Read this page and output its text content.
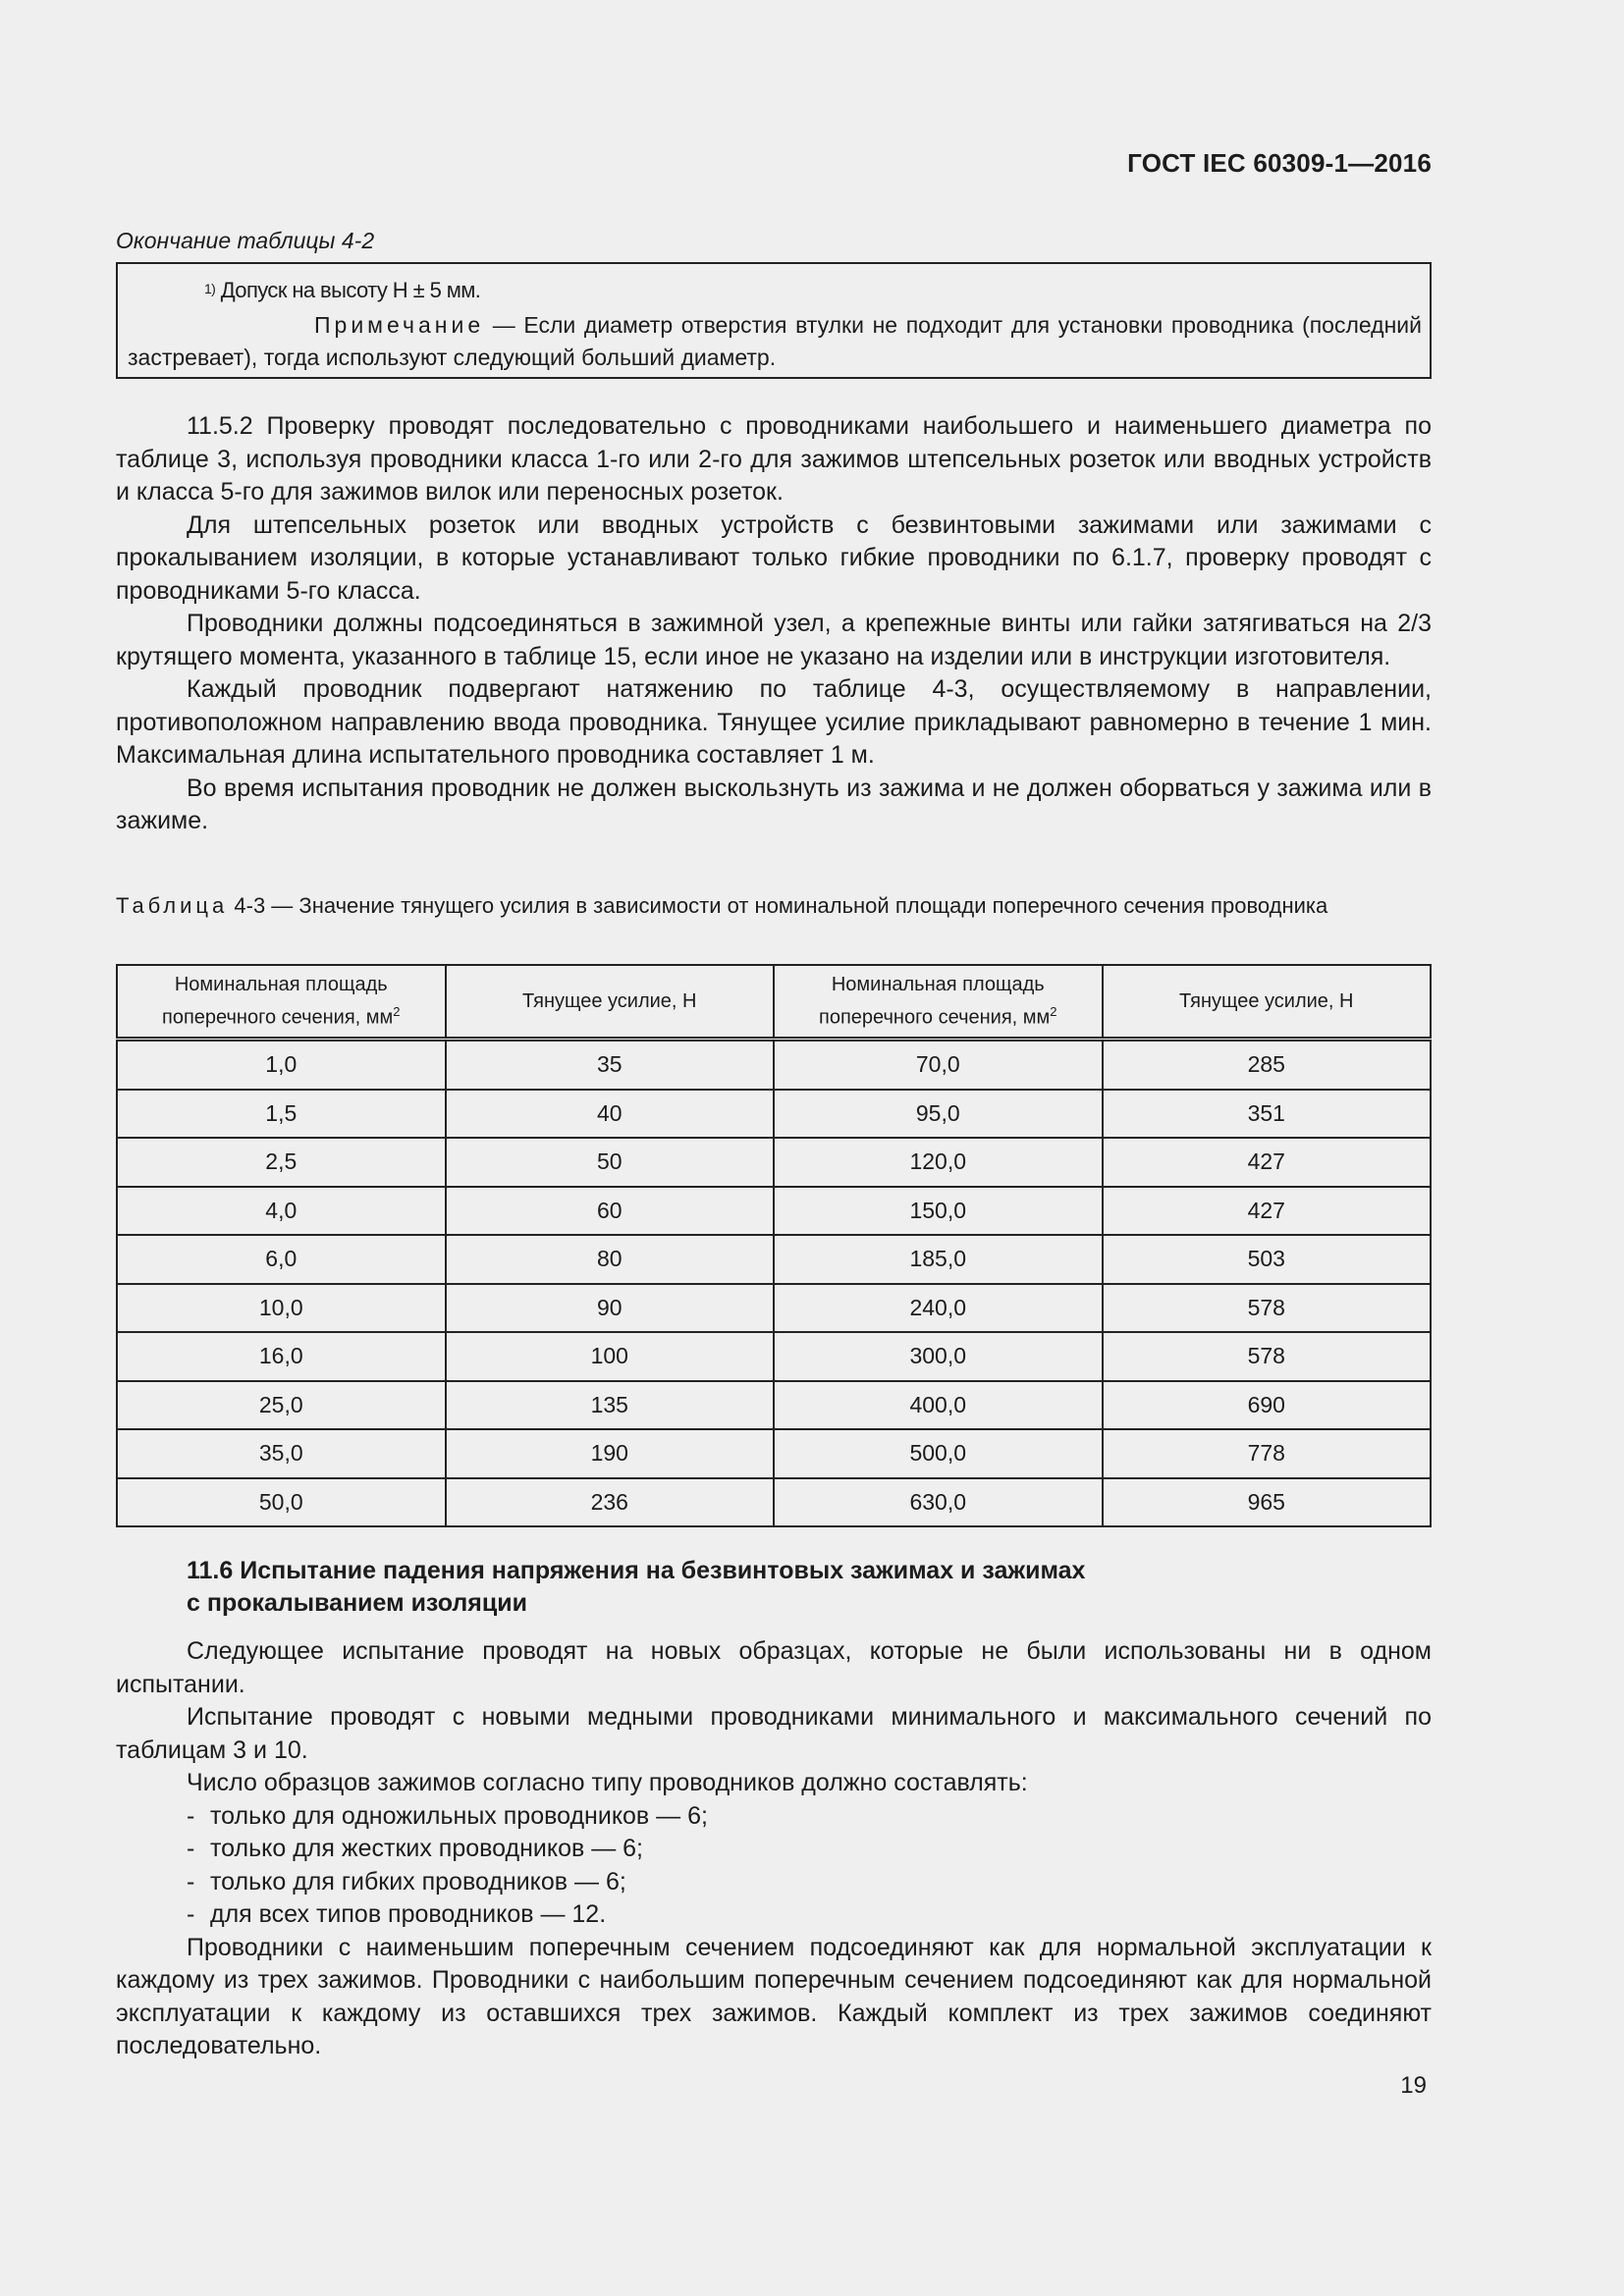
ГОСТ IEC 60309-1—2016
Окончание таблицы 4-2
$^{1)}$ Допуск на высоту H ± 5 мм.
Примечание — Если диаметр отверстия втулки не подходит для установки проводника (последний застревает), тогда используют следующий больший диаметр.

11.5.2 Проверку проводят последовательно с проводниками наибольшего и наименьшего диаметра по таблице 3, используя проводники класса 1-го или 2-го для зажимов штепсельных розеток или вводных устройств и класса 5-го для зажимов вилок или переносных розеток.

Для штепсельных розеток или вводных устройств с безвинтовыми зажимами или зажимами с прокалыванием изоляции, в которые устанавливают только гибкие проводники по 6.1.7, проверку проводят с проводниками 5-го класса.

Проводники должны подсоединяться в зажимной узел, а крепежные винты или гайки затягиваться на 2/3 крутящего момента, указанного в таблице 15, если иное не указано на изделии или в инструкции изготовителя.

Каждый проводник подвергают натяжению по таблице 4-3, осуществляемому в направлении, противоположном направлению ввода проводника. Тянущее усилие прикладывают равномерно в течение 1 мин. Максимальная длина испытательного проводника составляет 1 м.

Во время испытания проводник не должен выскользнуть из зажима и не должен оборваться у зажима или в зажиме.

Таблица 4-3 — Значение тянущего усилия в зависимости от номинальной площади поперечного сечения проводника
Номинальная площадь поперечного сечения, $мм^2$	Тянущее усилие, Н	Номинальная площадь поперечного сечения, $мм^2$	Тянущее усилие, Н
1,0	35	70,0	285
1,5	40	95,0	351
2,5	50	120,0	427
4,0	60	150,0	427
6,0	80	185,0	503
10,0	90	240,0	578
16,0	100	300,0	578
25,0	135	400,0	690
35,0	190	500,0	778
50,0	236	630,0	965
11.6 Испытание падения напряжения на безвинтовых зажимах и зажимах
с прокалыванием изоляции

Следующее испытание проводят на новых образцах, которые не были использованы ни в одном испытании.

Испытание проводят с новыми медными проводниками минимального и максимального сечений по таблицам 3 и 10.

Число образцов зажимов согласно типу проводников должно составлять:

- только для одножильных проводников — 6;

- только для жестких проводников — 6;

- только для гибких проводников — 6;

- для всех типов проводников — 12.

Проводники с наименьшим поперечным сечением подсоединяют как для нормальной эксплуатации к каждому из трех зажимов. Проводники с наибольшим поперечным сечением подсоединяют как для нормальной эксплуатации к каждому из оставшихся трех зажимов. Каждый комплект из трех зажимов соединяют последовательно.

19
